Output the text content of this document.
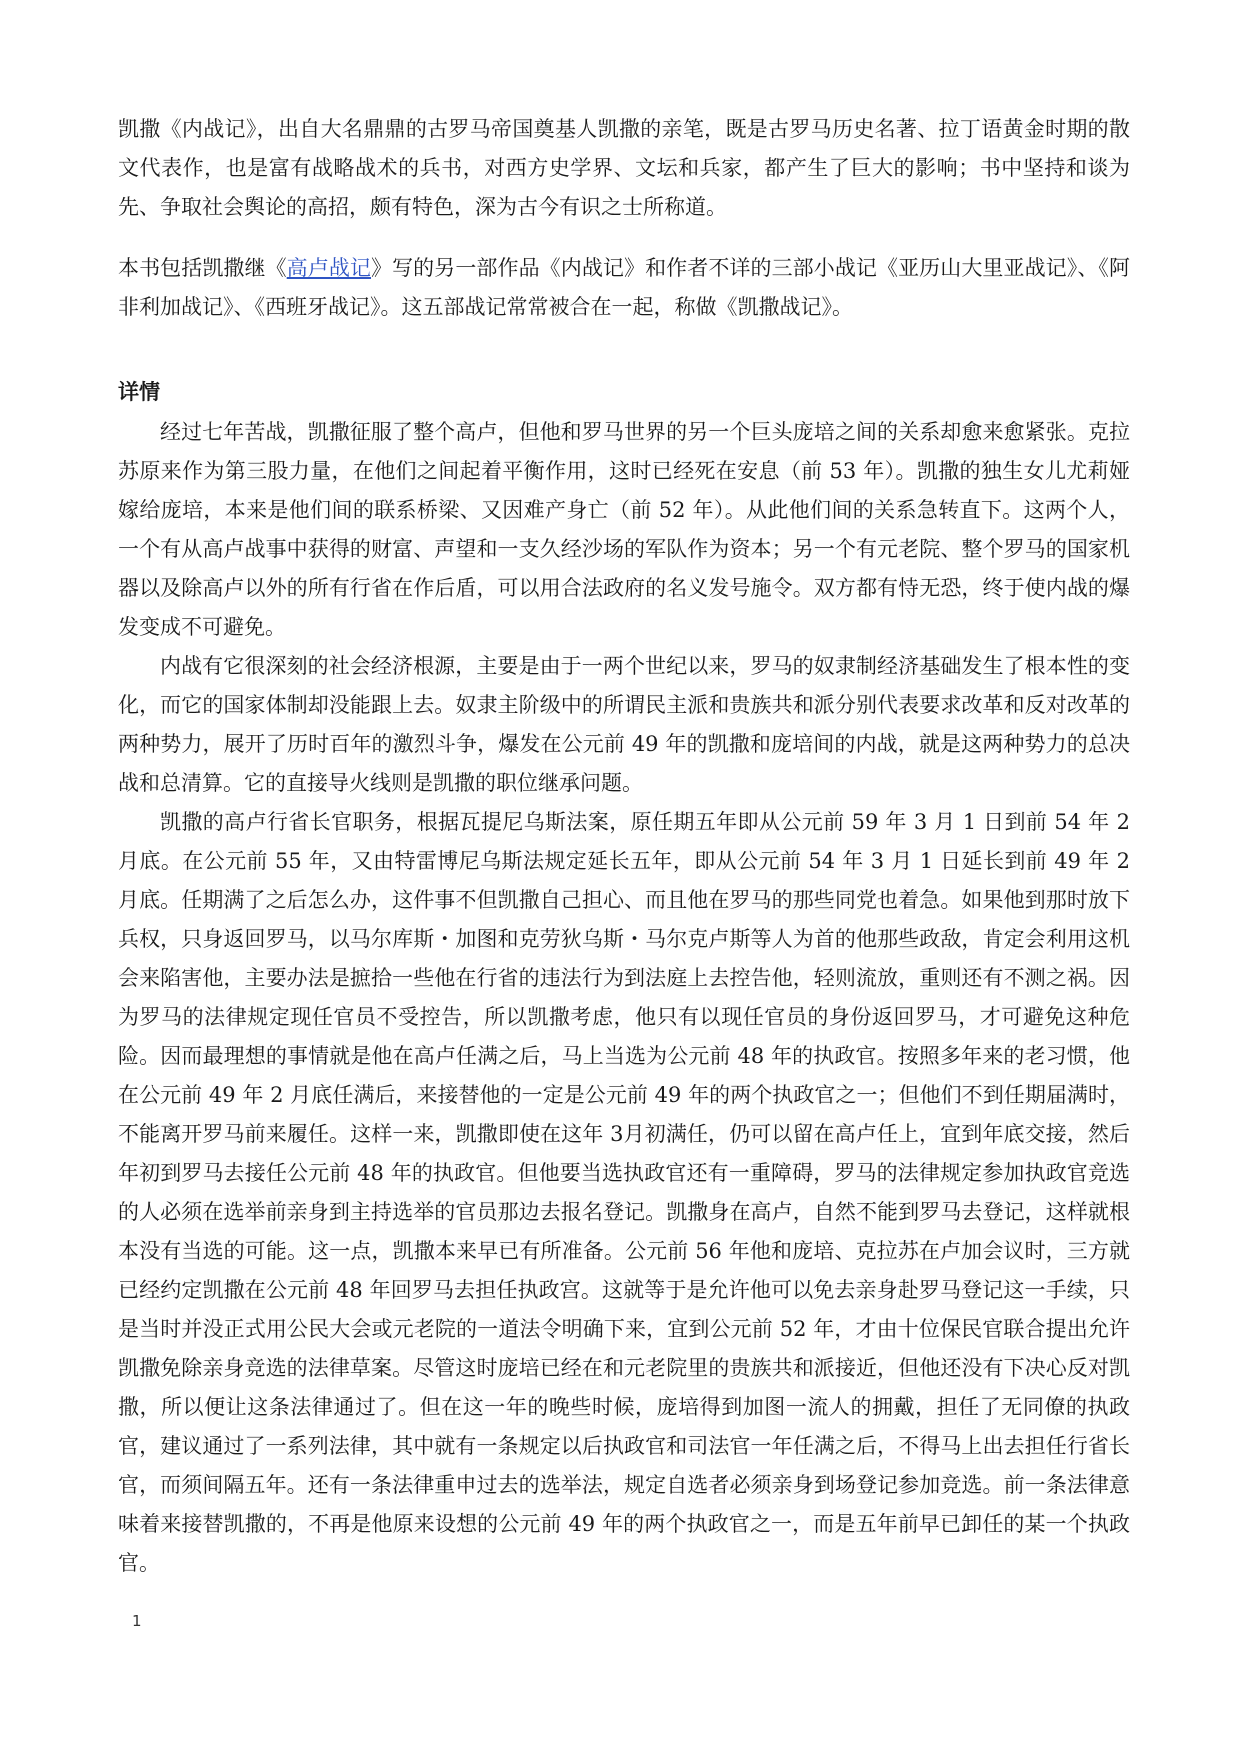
凯撒《内战记》，出自大名鼎鼎的古罗马帝国奠基人凯撒的亲笔，既是古罗马历史名著、拉丁语黄金时期的散文代表作，也是富有战略战术的兵书，对西方史学界、文坛和兵家，都产生了巨大的影响；书中坚持和谈为先、争取社会舆论的高招，颇有特色，深为古今有识之士所称道。

本书包括凯撒继《高卢战记》写的另一部作品《内战记》和作者不详的三部小战记《亚历山大里亚战记》、《阿非利加战记》、《西班牙战记》。这五部战记常常被合在一起，称做《凯撒战记》。

详情

经过七年苦战，凯撒征服了整个高卢，但他和罗马世界的另一个巨头庞培之间的关系却愈来愈紧张。克拉苏原来作为第三股力量，在他们之间起着平衡作用，这时已经死在安息（前 53 年）。凯撒的独生女儿尤莉娅嫁给庞培，本来是他们间的联系桥梁、又因难产身亡（前 52 年）。从此他们间的关系急转直下。这两个人，一个有从高卢战事中获得的财富、声望和一支久经沙场的军队作为资本；另一个有元老院、整个罗马的国家机器以及除高卢以外的所有行省在作后盾，可以用合法政府的名义发号施令。双方都有恃无恐，终于使内战的爆发变成不可避免。

内战有它很深刻的社会经济根源，主要是由于一两个世纪以来，罗马的奴隶制经济基础发生了根本性的变化，而它的国家体制却没能跟上去。奴隶主阶级中的所谓民主派和贵族共和派分别代表要求改革和反对改革的两种势力，展开了历时百年的激烈斗争，爆发在公元前 49 年的凯撒和庞培间的内战，就是这两种势力的总决战和总清算。它的直接导火线则是凯撒的职位继承问题。

凯撒的高卢行省长官职务，根据瓦提尼乌斯法案，原任期五年即从公元前 59 年 3 月 1 日到前 54 年 2月底。在公元前 55 年，又由特雷博尼乌斯法规定延长五年，即从公元前 54 年 3 月 1 日延长到前 49 年 2 月底。任期满了之后怎么办，这件事不但凯撒自己担心、而且他在罗马的那些同党也着急。如果他到那时放下兵权，只身返回罗马，以马尔库斯・加图和克劳狄乌斯・马尔克卢斯等人为首的他那些政敌，肯定会利用这机会来陷害他，主要办法是摭拾一些他在行省的违法行为到法庭上去控告他，轻则流放，重则还有不测之祸。因为罗马的法律规定现任官员不受控告，所以凯撒考虑，他只有以现任官员的身份返回罗马，才可避免这种危险。因而最理想的事情就是他在高卢任满之后，马上当选为公元前 48 年的执政官。按照多年来的老习惯，他在公元前 49 年 2 月底任满后，来接替他的一定是公元前 49 年的两个执政官之一；但他们不到任期届满时，不能离开罗马前来履任。这样一来，凯撒即使在这年 3月初满任，仍可以留在高卢任上，宜到年底交接，然后年初到罗马去接任公元前 48 年的执政官。但他要当选执政官还有一重障碍，罗马的法律规定参加执政官竞选的人必须在选举前亲身到主持选举的官员那边去报名登记。凯撒身在高卢，自然不能到罗马去登记，这样就根本没有当选的可能。这一点，凯撒本来早已有所准备。公元前 56 年他和庞培、克拉苏在卢加会议时，三方就已经约定凯撒在公元前 48 年回罗马去担任执政宫。这就等于是允许他可以免去亲身赴罗马登记这一手续，只是当时并没正式用公民大会或元老院的一道法令明确下来，宜到公元前 52 年，才由十位保民官联合提出允许凯撒免除亲身竞选的法律草案。尽管这时庞培已经在和元老院里的贵族共和派接近，但他还没有下决心反对凯撒，所以便让这条法律通过了。但在这一年的晚些时候，庞培得到加图一流人的拥戴，担任了无同僚的执政官，建议通过了一系列法律，其中就有一条规定以后执政官和司法官一年任满之后，不得马上出去担任行省长官，而须间隔五年。还有一条法律重申过去的选举法，规定自选者必须亲身到场登记参加竞选。前一条法律意味着来接替凯撒的，不再是他原来设想的公元前 49 年的两个执政官之一，而是五年前早已卸任的某一个执政官。

1
